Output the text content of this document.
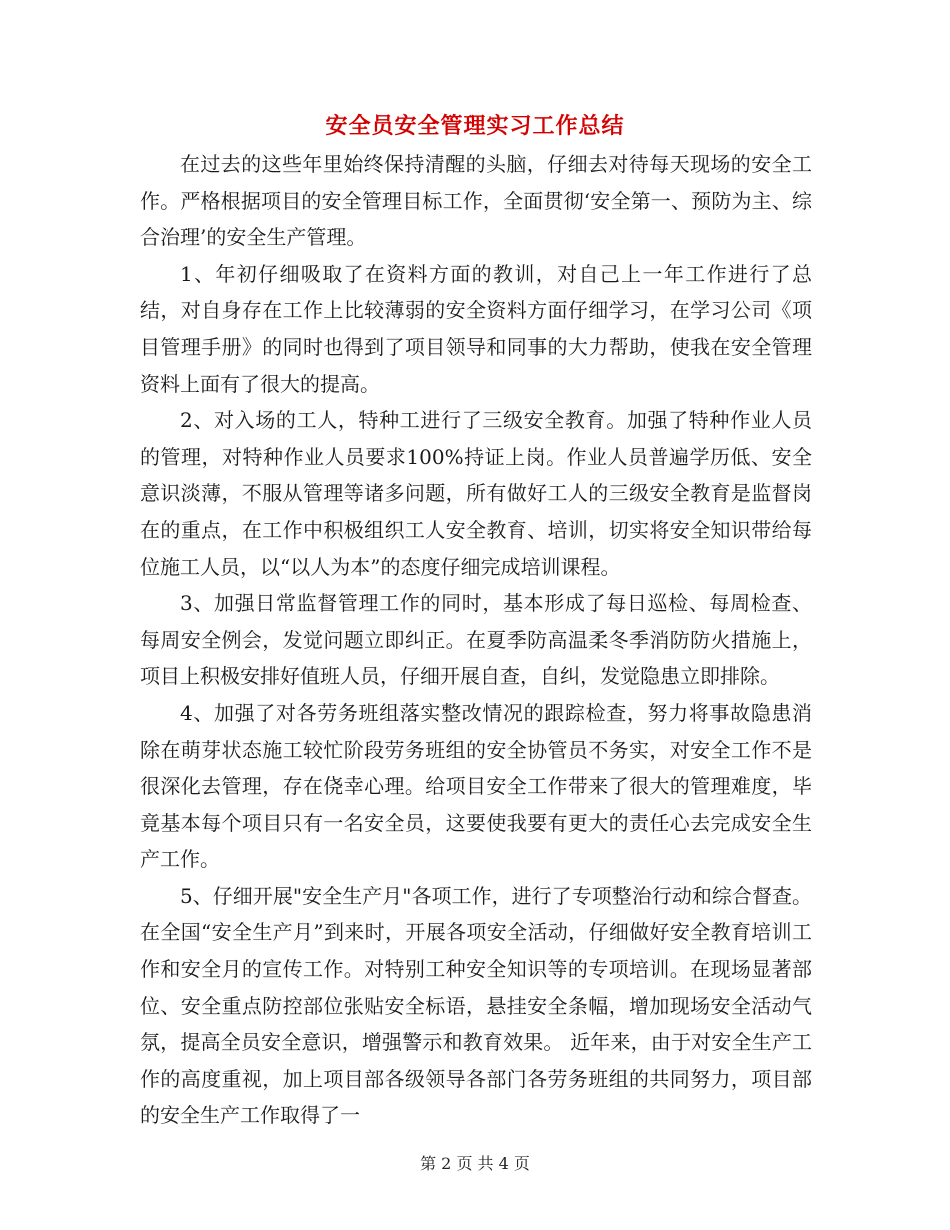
安全员安全管理实习工作总结

在过去的这些年里始终保持清醒的头脑，仔细去对待每天现场的安全工作。严格根据项目的安全管理目标工作，全面贯彻‘安全第一、预防为主、综合治理’的安全生产管理。

1、年初仔细吸取了在资料方面的教训，对自己上一年工作进行了总结，对自身存在工作上比较薄弱的安全资料方面仔细学习，在学习公司《项目管理手册》的同时也得到了项目领导和同事的大力帮助，使我在安全管理资料上面有了很大的提高。

2、对入场的工人，特种工进行了三级安全教育。加强了特种作业人员的管理，对特种作业人员要求100%持证上岗。作业人员普遍学历低、安全意识淡薄，不服从管理等诸多问题，所有做好工人的三级安全教育是监督岗在的重点，在工作中积极组织工人安全教育、培训，切实将安全知识带给每位施工人员，以“以人为本”的态度仔细完成培训课程。

3、加强日常监督管理工作的同时，基本形成了每日巡检、每周检查、每周安全例会，发觉问题立即纠正。在夏季防高温柔冬季消防防火措施上，项目上积极安排好值班人员，仔细开展自查，自纠，发觉隐患立即排除。

4、加强了对各劳务班组落实整改情况的跟踪检查，努力将事故隐患消除在萌芽状态施工较忙阶段劳务班组的安全协管员不务实，对安全工作不是很深化去管理，存在侥幸心理。给项目安全工作带来了很大的管理难度，毕竟基本每个项目只有一名安全员，这要使我要有更大的责任心去完成安全生产工作。

5、仔细开展"安全生产月"各项工作，进行了专项整治行动和综合督查。在全国“安全生产月”到来时，开展各项安全活动，仔细做好安全教育培训工作和安全月的宣传工作。对特别工种安全知识等的专项培训。在现场显著部位、安全重点防控部位张贴安全标语，悬挂安全条幅，增加现场安全活动气氛，提高全员安全意识，增强警示和教育效果。 近年来，由于对安全生产工作的高度重视，加上项目部各级领导各部门各劳务班组的共同努力，项目部的安全生产工作取得了一

第 2 页 共 4 页
